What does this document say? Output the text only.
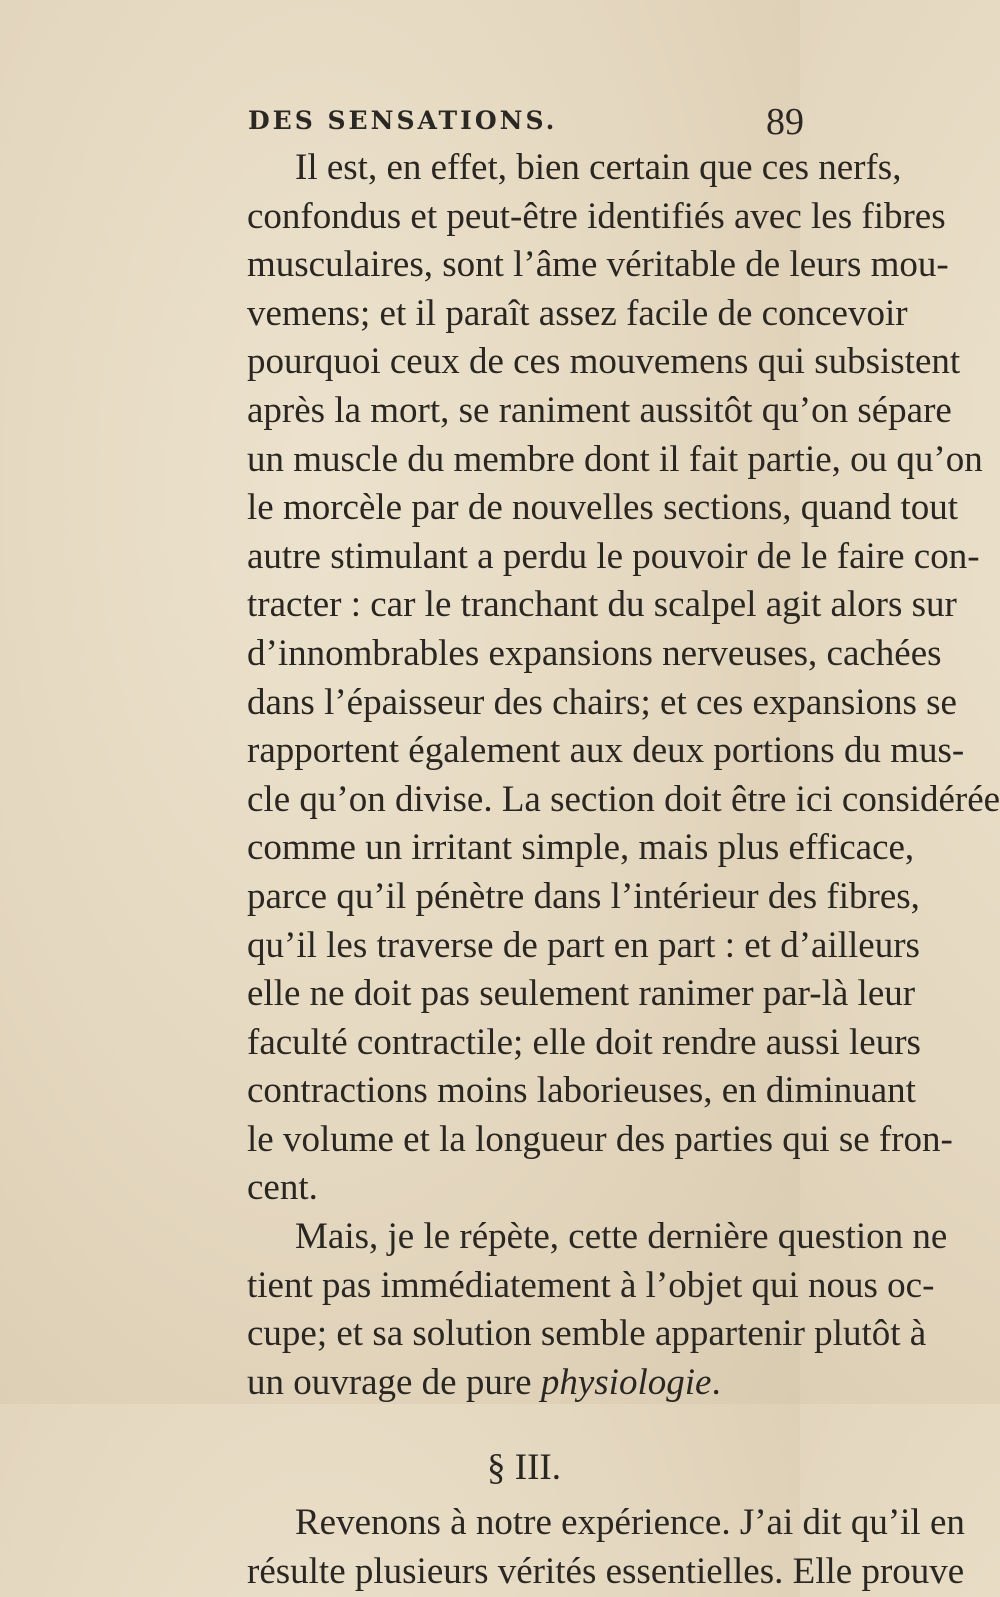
DES SENSATIONS.	89
Il est, en effet, bien certain que ces nerfs,
confondus et peut-être identifiés avec les fibres
musculaires, sont l’âme véritable de leurs mou-
vemens; et il paraît assez facile de concevoir
pourquoi ceux de ces mouvemens qui subsistent
après la mort, se raniment aussitôt qu’on sépare
un muscle du membre dont il fait partie, ou qu’on
le morcèle par de nouvelles sections, quand tout
autre stimulant a perdu le pouvoir de le faire con-
tracter : car le tranchant du scalpel agit alors sur
d’innombrables expansions nerveuses, cachées
dans l’épaisseur des chairs; et ces expansions se
rapportent également aux deux portions du mus-
cle qu’on divise. La section doit être ici considérée
comme un irritant simple, mais plus efficace,
parce qu’il pénètre dans l’intérieur des fibres,
qu’il les traverse de part en part : et d’ailleurs
elle ne doit pas seulement ranimer par-là leur
faculté contractile; elle doit rendre aussi leurs
contractions moins laborieuses, en diminuant
le volume et la longueur des parties qui se fron-
cent.
Mais, je le répète, cette dernière question ne
tient pas immédiatement à l’objet qui nous oc-
cupe; et sa solution semble appartenir plutôt à
un ouvrage de pure physiologie.
§ III.
Revenons à notre expérience. J’ai dit qu’il en
résulte plusieurs vérités essentielles. Elle prouve
